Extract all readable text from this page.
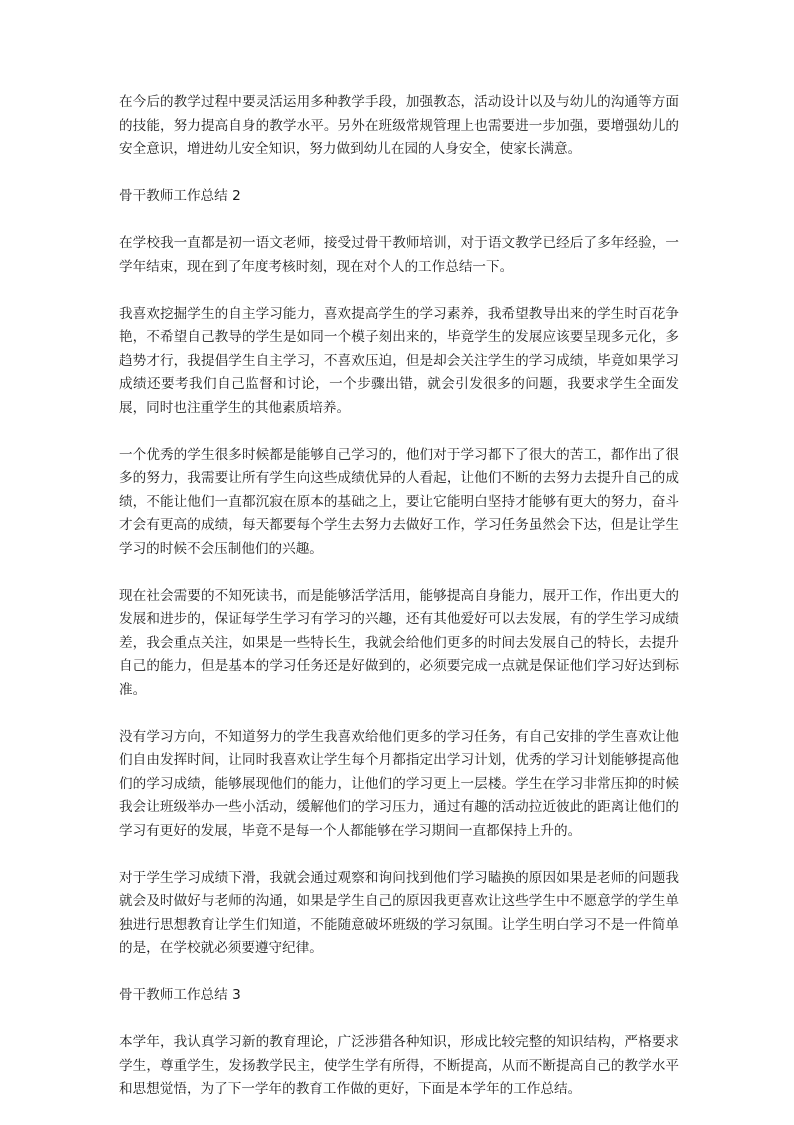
在今后的教学过程中要灵活运用多种教学手段，加强教态，活动设计以及与幼儿的沟通等方面的技能，努力提高自身的教学水平。另外在班级常规管理上也需要进一步加强，要增强幼儿的安全意识，增进幼儿安全知识，努力做到幼儿在园的人身安全，使家长满意。

骨干教师工作总结 2

在学校我一直都是初一语文老师，接受过骨干教师培训，对于语文教学已经后了多年经验，一学年结束，现在到了年度考核时刻，现在对个人的工作总结一下。

我喜欢挖掘学生的自主学习能力，喜欢提高学生的学习素养，我希望教导出来的学生时百花争艳，不希望自己教导的学生是如同一个模子刻出来的，毕竟学生的发展应该要呈现多元化，多趋势才行，我提倡学生自主学习，不喜欢压迫，但是却会关注学生的学习成绩，毕竟如果学习成绩还要考我们自己监督和讨论，一个步骤出错，就会引发很多的问题，我要求学生全面发展，同时也注重学生的其他素质培养。

一个优秀的学生很多时候都是能够自己学习的，他们对于学习都下了很大的苦工，都作出了很多的努力，我需要让所有学生向这些成绩优异的人看起，让他们不断的去努力去提升自己的成绩，不能让他们一直都沉寂在原本的基础之上，要让它能明白坚持才能够有更大的努力，奋斗才会有更高的成绩，每天都要每个学生去努力去做好工作，学习任务虽然会下达，但是让学生学习的时候不会压制他们的兴趣。

现在社会需要的不知死读书，而是能够活学活用，能够提高自身能力，展开工作，作出更大的发展和进步的，保证每学生学习有学习的兴趣，还有其他爱好可以去发展，有的学生学习成绩差，我会重点关注，如果是一些特长生，我就会给他们更多的时间去发展自己的特长，去提升自己的能力，但是基本的学习任务还是好做到的，必须要完成一点就是保证他们学习好达到标准。

没有学习方向，不知道努力的学生我喜欢给他们更多的学习任务，有自己安排的学生喜欢让他们自由发挥时间，让同时我喜欢让学生每个月都指定出学习计划，优秀的学习计划能够提高他们的学习成绩，能够展现他们的能力，让他们的学习更上一层楼。学生在学习非常压抑的时候我会让班级举办一些小活动，缓解他们的学习压力，通过有趣的活动拉近彼此的距离让他们的学习有更好的发展，毕竟不是每一个人都能够在学习期间一直都保持上升的。

对于学生学习成绩下滑，我就会通过观察和询问找到他们学习瞌换的原因如果是老师的问题我就会及时做好与老师的沟通，如果是学生自己的原因我更喜欢让这些学生中不愿意学的学生单独进行思想教育让学生们知道，不能随意破坏班级的学习氛围。让学生明白学习不是一件简单的是，在学校就必须要遵守纪律。

骨干教师工作总结 3

本学年，我认真学习新的教育理论，广泛涉猎各种知识，形成比较完整的知识结构，严格要求学生，尊重学生，发扬教学民主，使学生学有所得，不断提高，从而不断提高自己的教学水平和思想觉悟，为了下一学年的教育工作做的更好，下面是本学年的工作总结。
